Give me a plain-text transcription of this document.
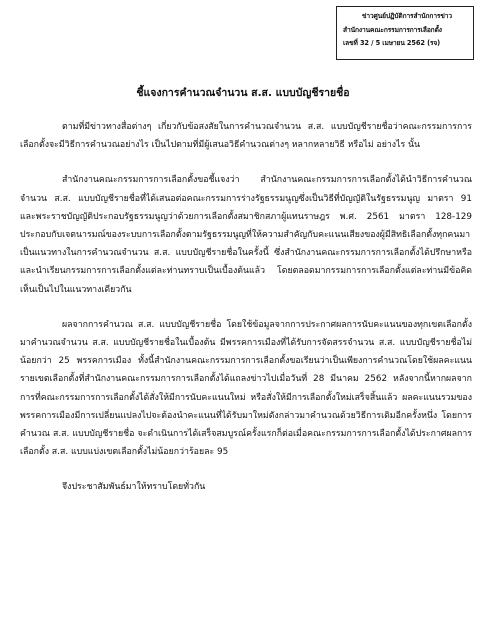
ข่าวศูนย์ปฏิบัติการสำนักการข่าว
สำนักงานคณะกรรมการการเลือกตั้ง
เลขที่ 32 / 5 เมษายน 2562 (รจ)
ชี้แจงการคำนวณจำนวน ส.ส. แบบบัญชีรายชื่อ

ตามที่มีข่าวทางสื่อต่างๆ เกี่ยวกับข้อสงสัยในการคำนวณจำนวน ส.ส. แบบบัญชีรายชื่อว่าคณะกรรมการการเลือกตั้งจะมีวิธีการคำนวณอย่างไร เป็นไปตามที่มีผู้เสนอวิธีคำนวณต่างๆ หลากหลายวิธี หรือไม่ อย่างไร นั้น

สำนักงานคณะกรรมการการเลือกตั้งขอชี้แจงว่า สำนักงานคณะกรรมการการเลือกตั้งได้นำวิธีการคำนวณจำนวน ส.ส. แบบบัญชีรายชื่อที่ได้เสนอต่อคณะกรรมการร่างรัฐธรรมนูญซึ่งเป็นวิธีที่บัญญัติในรัฐธรรมนูญ มาตรา 91 และพระราชบัญญัติประกอบรัฐธรรมนูญว่าด้วยการเลือกตั้งสมาชิกสภาผู้แทนราษฎร พ.ศ. 2561 มาตรา 128-129 ประกอบกับเจตนารมณ์ของระบบการเลือกตั้งตามรัฐธรรมนูญที่ให้ความสำคัญกับคะแนนเสียงของผู้มีสิทธิเลือกตั้งทุกคนมาเป็นแนวทางในการคำนวณจำนวน ส.ส. แบบบัญชีรายชื่อในครั้งนี้ ซึ่งสำนักงานคณะกรรมการการเลือกตั้งได้ปรึกษาหรือและนำเรียนกรรมการการเลือกตั้งแต่ละท่านทราบเป็นเบื้องต้นแล้ว โดยตลอดมากรรมการการเลือกตั้งแต่ละท่านมีข้อคิดเห็นเป็นไปในแนวทางเดียวกัน

ผลจากการคำนวณ ส.ส. แบบบัญชีรายชื่อ โดยใช้ข้อมูลจากการประกาศผลการนับคะแนนของทุกเขตเลือกตั้งมาคำนวณจำนวน ส.ส. แบบบัญชีรายชื่อในเบื้องต้น มีพรรคการเมืองที่ได้รับการจัดสรรจำนวน ส.ส. แบบบัญชีรายชื่อไม่น้อยกว่า 25 พรรคการเมือง ทั้งนี้สำนักงานคณะกรรมการการเลือกตั้งขอเรียนว่าเป็นเพียงการคำนวณโดยใช้ผลคะแนนรายเขตเลือกตั้งที่สำนักงานคณะกรรมการการเลือกตั้งได้แถลงข่าวไปเมื่อวันที่ 28 มีนาคม 2562 หลังจากนี้หากผลจากการที่คณะกรรมการการเลือกตั้งได้สั่งให้มีการนับคะแนนใหม่ หรือสั่งให้มีการเลือกตั้งใหม่เสร็จสิ้นแล้ว ผลคะแนนรวมของพรรคการเมืองมีการเปลี่ยนแปลงไปจะต้องนำคะแนนที่ได้รับมาใหม่ดังกล่าวมาคำนวณด้วยวิธีการเดิมอีกครั้งหนึ่ง โดยการคำนวณ ส.ส. แบบบัญชีรายชื่อ จะดำเนินการได้เสร็จสมบูรณ์ครั้งแรกก็ต่อเมื่อคณะกรรมการการเลือกตั้งได้ประกาศผลการเลือกตั้ง ส.ส. แบบแบ่งเขตเลือกตั้งไม่น้อยกว่าร้อยละ 95

จึงประชาสัมพันธ์มาให้ทราบโดยทั่วกัน
